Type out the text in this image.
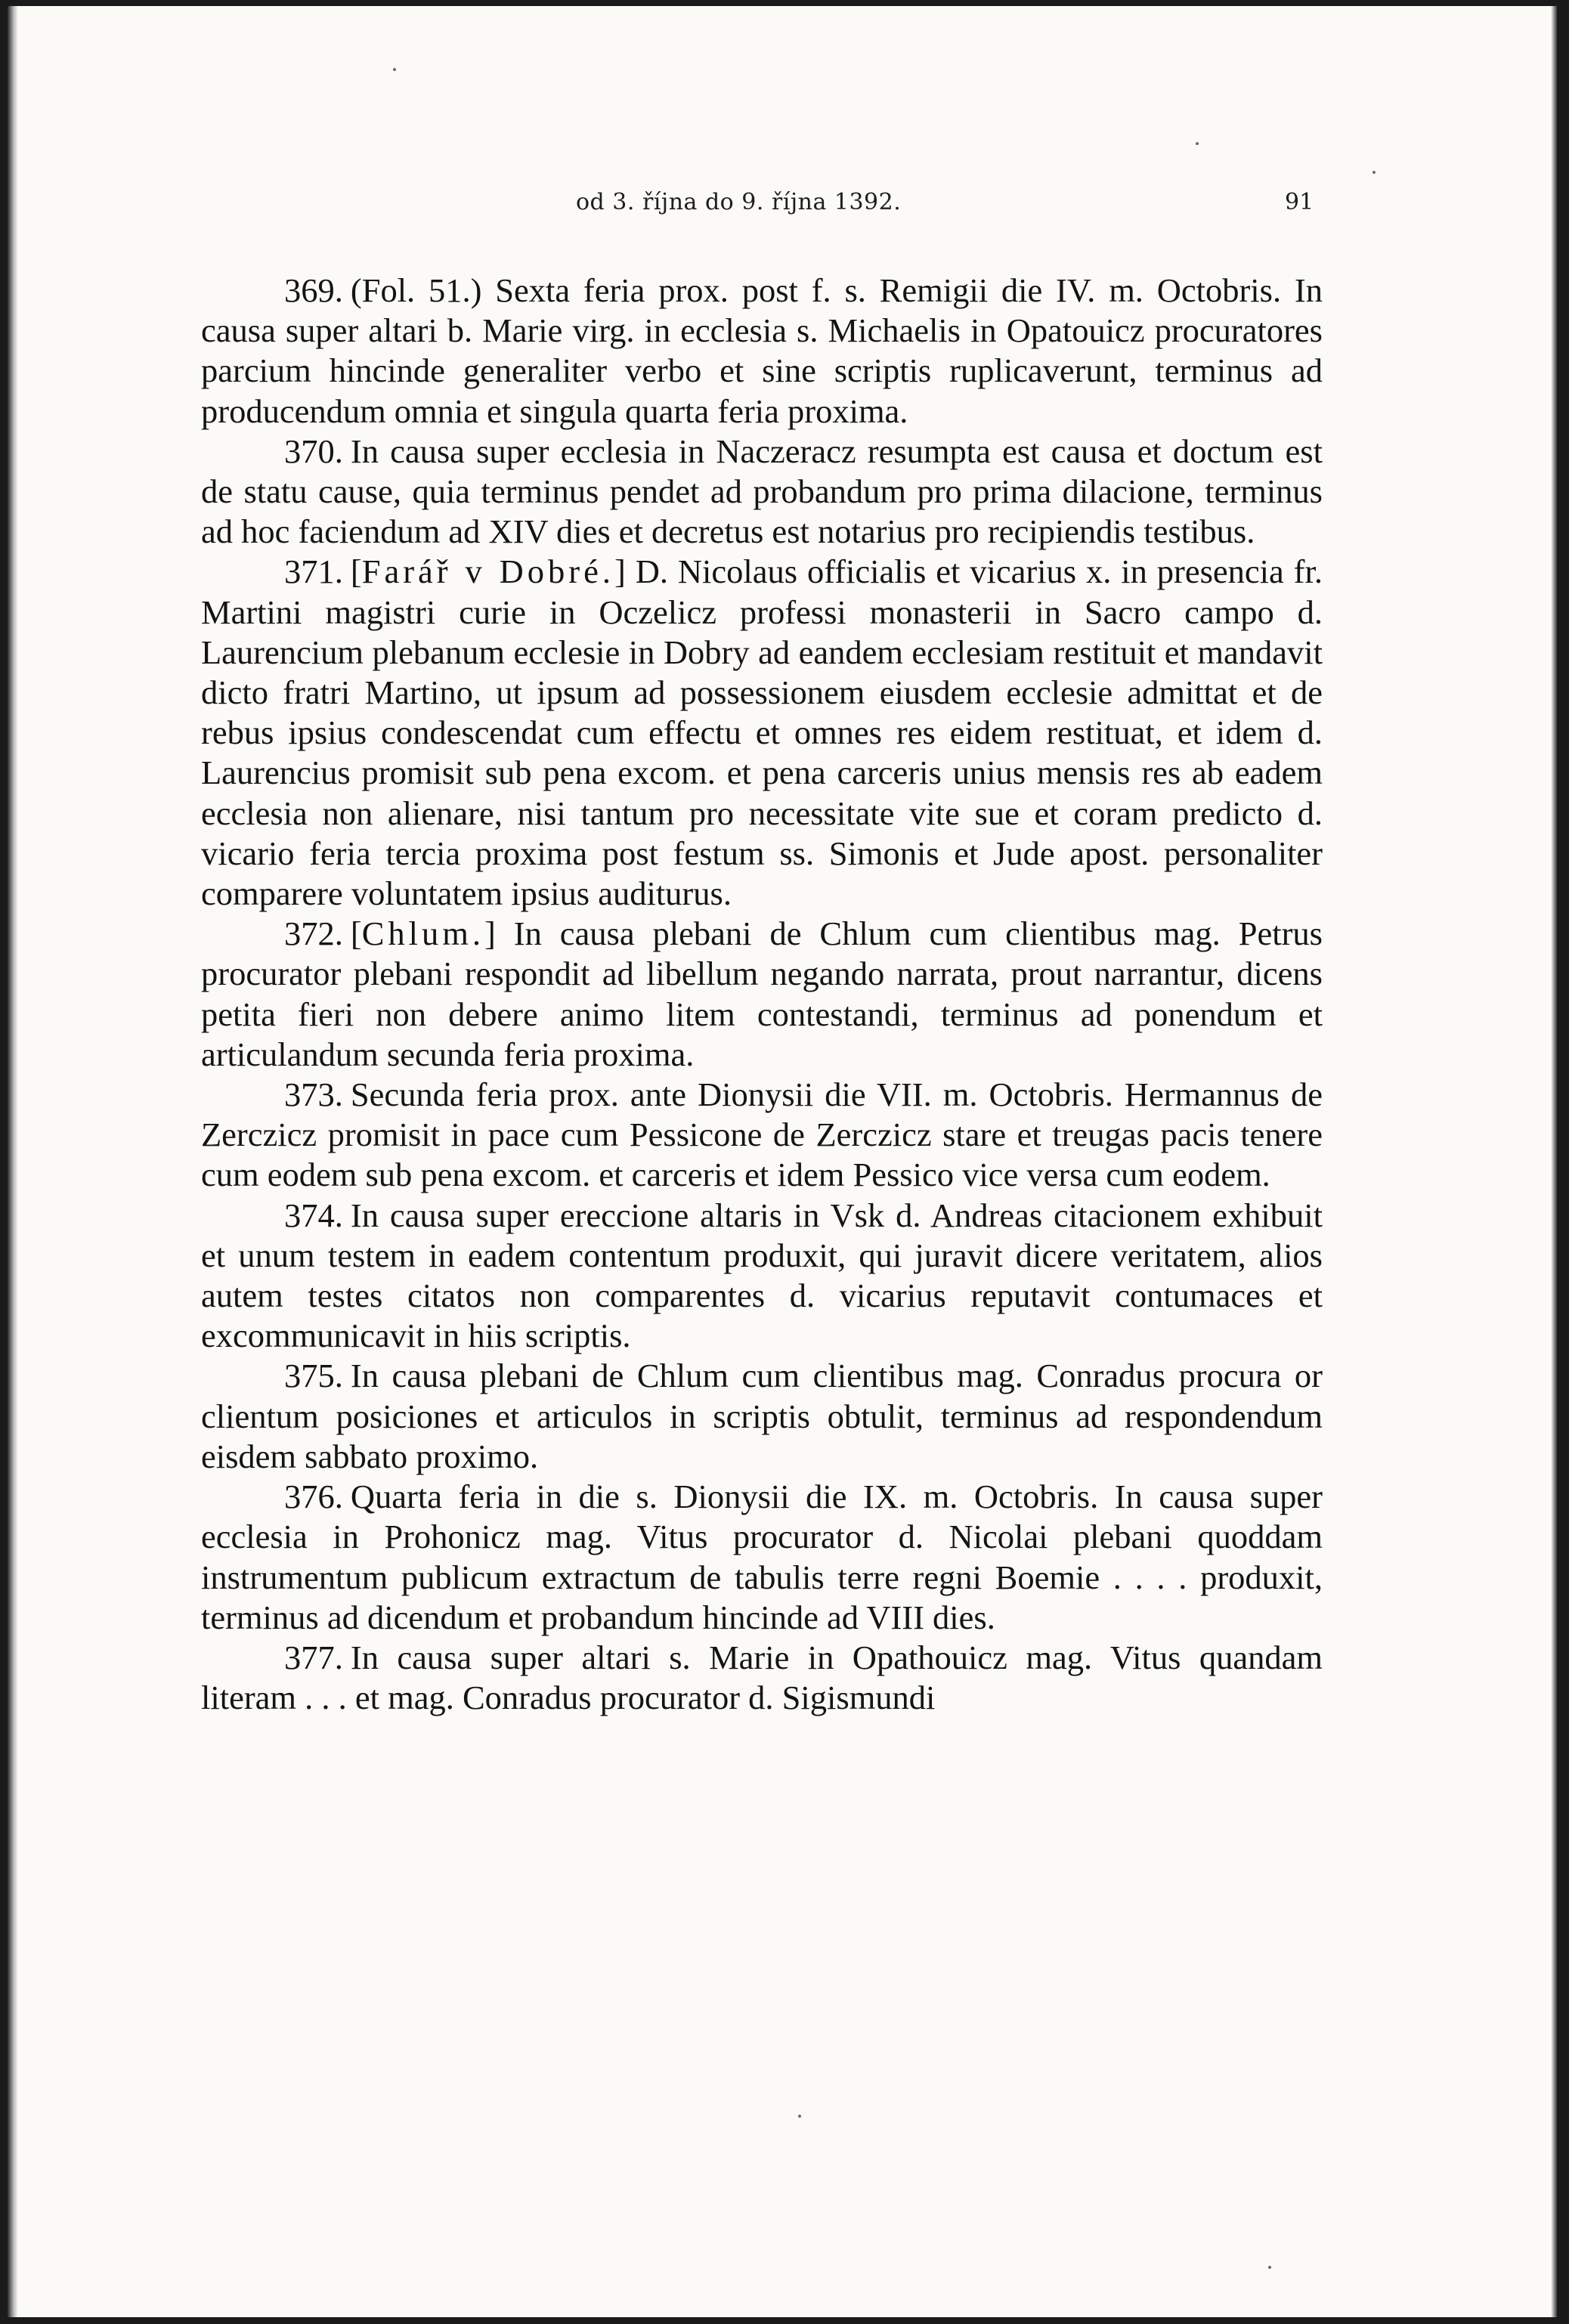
od 3. října do 9. října 1392.	91

369. (Fol. 51.) Sexta feria prox. post f. s. Remigii die IV. m. Octobris. In causa super altari b. Marie virg. in ecclesia s. Michaelis in Opatouicz procuratores parcium hincinde generaliter verbo et sine scriptis ruplicaverunt, terminus ad producendum omnia et singula quarta feria proxima.

370. In causa super ecclesia in Naczeracz resumpta est causa et doctum est de statu cause, quia terminus pendet ad probandum pro prima dilacione, terminus ad hoc faciendum ad XIV dies et decretus est notarius pro recipiendis testibus.

371. [Farář v Dobré.] D. Nicolaus officialis et vicarius x. in presencia fr. Martini magistri curie in Oczelicz professi monasterii in Sacro campo d. Laurencium plebanum ecclesie in Dobry ad eandem ecclesiam restituit et mandavit dicto fratri Martino, ut ipsum ad possessionem eiusdem ecclesie admittat et de rebus ipsius condescendat cum effectu et omnes res eidem restituat, et idem d. Laurencius promisit sub pena excom. et pena carceris unius mensis res ab eadem ecclesia non alienare, nisi tantum pro necessitate vite sue et coram predicto d. vicario feria tercia proxima post festum ss. Simonis et Jude apost. personaliter comparere voluntatem ipsius auditurus.

372. [Chlum.] In causa plebani de Chlum cum clientibus mag. Petrus procurator plebani respondit ad libellum negando narrata, prout narrantur, dicens petita fieri non debere animo litem contestandi, terminus ad ponendum et articulandum secunda feria proxima.

373. Secunda feria prox. ante Dionysii die VII. m. Octobris. Hermannus de Zerczicz promisit in pace cum Pessicone de Zerczicz stare et treugas pacis tenere cum eodem sub pena excom. et carceris et idem Pessico vice versa cum eodem.

374. In causa super ereccione altaris in Vsk d. Andreas citacionem exhibuit et unum testem in eadem contentum produxit, qui juravit dicere veritatem, alios autem testes citatos non comparentes d. vicarius reputavit contumaces et excommunicavit in hiis scriptis.

375. In causa plebani de Chlum cum clientibus mag. Conradus procura or clientum posiciones et articulos in scriptis obtulit, terminus ad respondendum eisdem sabbato proximo.

376. Quarta feria in die s. Dionysii die IX. m. Octobris. In causa super ecclesia in Prohonicz mag. Vitus procurator d. Nicolai plebani quoddam instrumentum publicum extractum de tabulis terre regni Boemie . . . . produxit, terminus ad dicendum et probandum hincinde ad VIII dies.

377. In causa super altari s. Marie in Opathouicz mag. Vitus quandam literam . . . et mag. Conradus procurator d. Sigismundi
